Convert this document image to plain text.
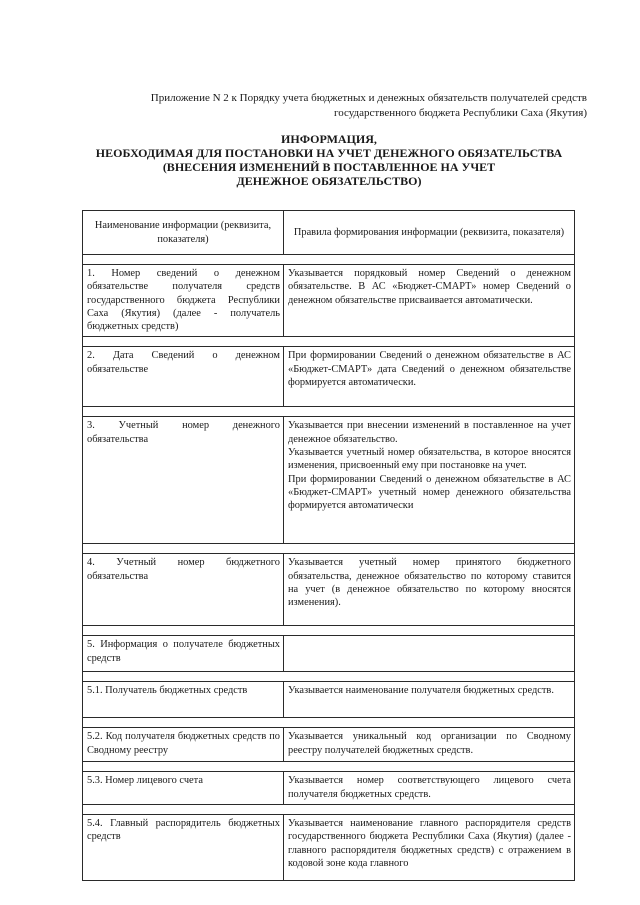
Приложение N 2 к Порядку учета бюджетных и денежных обязательств получателей средств государственного бюджета Республики Саха (Якутия)
ИНФОРМАЦИЯ,
НЕОБХОДИМАЯ ДЛЯ ПОСТАНОВКИ НА УЧЕТ ДЕНЕЖНОГО ОБЯЗАТЕЛЬСТВА
(ВНЕСЕНИЯ ИЗМЕНЕНИЙ В ПОСТАВЛЕННОЕ НА УЧЕТ
ДЕНЕЖНОЕ ОБЯЗАТЕЛЬСТВО)
Наименование информации (реквизита, показателя)	Правила формирования информации (реквизита, показателя)

1. Номер сведений о денежном обязательстве получателя средств государственного бюджета Республики Саха (Якутия) (далее - получатель бюджетных средств)	Указывается порядковый номер Сведений о денежном обязательстве. В АС «Бюджет-СМАРТ» номер Сведений о денежном обязательстве присваивается автоматически.

2. Дата Сведений о денежном обязательстве	При формировании Сведений о денежном обязательстве в АС «Бюджет-СМАРТ» дата Сведений о денежном обязательстве формируется автоматически.

3. Учетный номер денежного обязательства	Указывается при внесении изменений в поставленное на учет денежное обязательство.

Указывается учетный номер обязательства, в которое вносятся изменения, присвоенный ему при постановке на учет.

При формировании Сведений о денежном обязательстве в АС «Бюджет-СМАРТ» учетный номер денежного обязательства формируется автоматически

4. Учетный номер бюджетного обязательства	Указывается учетный номер принятого бюджетного обязательства, денежное обязательство по которому ставится на учет (в денежное обязательство по которому вносятся изменения).

5. Информация о получателе бюджетных средств	

5.1. Получатель бюджетных средств	Указывается наименование получателя бюджетных средств.

5.2. Код получателя бюджетных средств по Сводному реестру	Указывается уникальный код организации по Сводному реестру получателей бюджетных средств.

5.3. Номер лицевого счета	Указывается номер соответствующего лицевого счета получателя бюджетных средств.

5.4. Главный распорядитель бюджетных средств	Указывается наименование главного распорядителя средств государственного бюджета Республики Саха (Якутия) (далее - главного распорядителя бюджетных средств) с отражением в кодовой зоне кода главного
